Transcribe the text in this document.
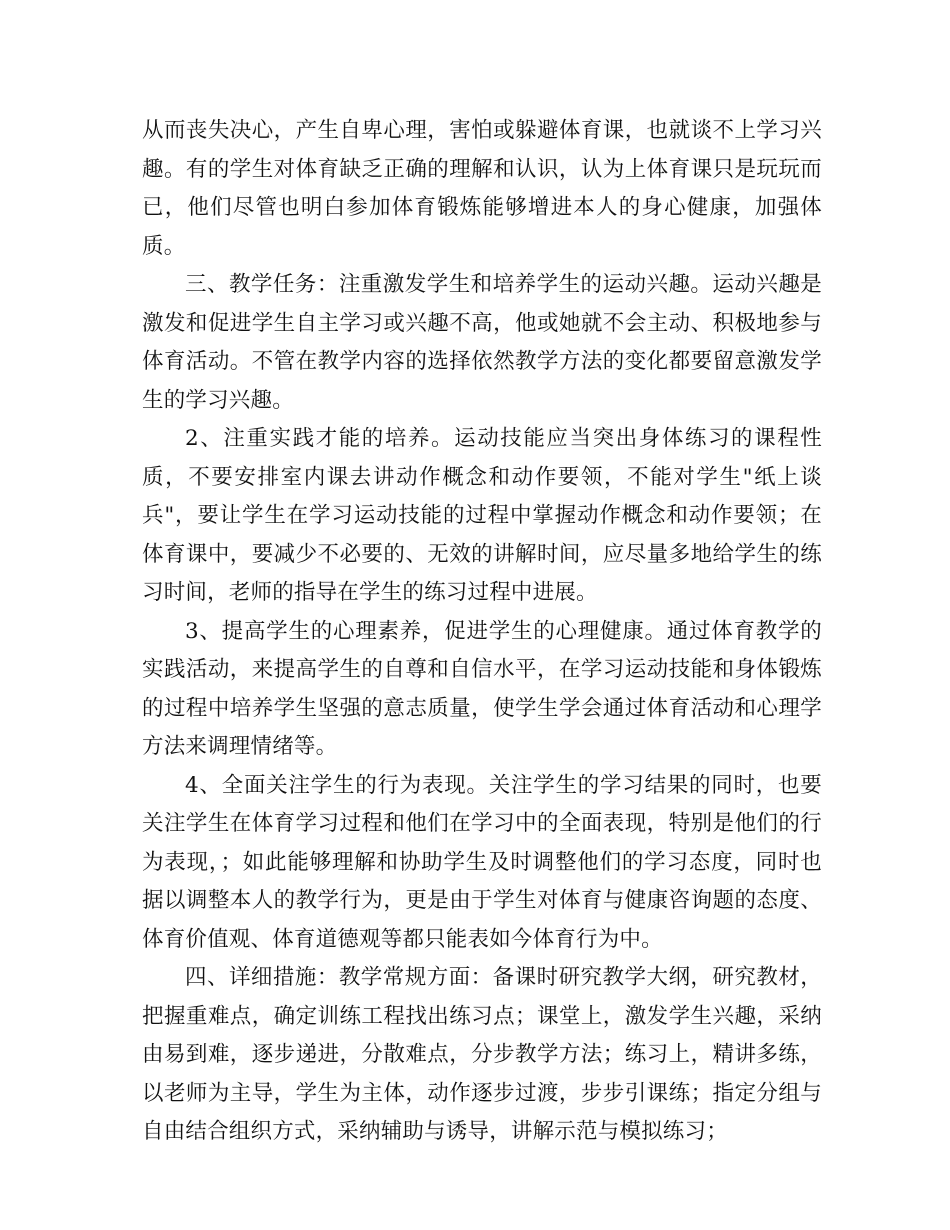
从而丧失决心，产生自卑心理，害怕或躲避体育课，也就谈不上学习兴趣。有的学生对体育缺乏正确的理解和认识，认为上体育课只是玩玩而已，他们尽管也明白参加体育锻炼能够增进本人的身心健康，加强体质。

三、教学任务：注重激发学生和培养学生的运动兴趣。运动兴趣是激发和促进学生自主学习或兴趣不高，他或她就不会主动、积极地参与体育活动。不管在教学内容的选择依然教学方法的变化都要留意激发学生的学习兴趣。

2、注重实践才能的培养。运动技能应当突出身体练习的课程性质，不要安排室内课去讲动作概念和动作要领，不能对学生"纸上谈兵"，要让学生在学习运动技能的过程中掌握动作概念和动作要领；在体育课中，要减少不必要的、无效的讲解时间，应尽量多地给学生的练习时间，老师的指导在学生的练习过程中进展。

3、提高学生的心理素养，促进学生的心理健康。通过体育教学的实践活动，来提高学生的自尊和自信水平，在学习运动技能和身体锻炼的过程中培养学生坚强的意志质量，使学生学会通过体育活动和心理学方法来调理情绪等。

4、全面关注学生的行为表现。关注学生的学习结果的同时，也要关注学生在体育学习过程和他们在学习中的全面表现，特别是他们的行为表现，；如此能够理解和协助学生及时调整他们的学习态度，同时也据以调整本人的教学行为，更是由于学生对体育与健康咨询题的态度、体育价值观、体育道德观等都只能表如今体育行为中。

四、详细措施：教学常规方面：备课时研究教学大纲，研究教材，把握重难点，确定训练工程找出练习点；课堂上，激发学生兴趣，采纳由易到难，逐步递进，分散难点，分步教学方法；练习上，精讲多练，以老师为主导，学生为主体，动作逐步过渡，步步引课练；指定分组与自由结合组织方式，采纳辅助与诱导，讲解示范与模拟练习；
